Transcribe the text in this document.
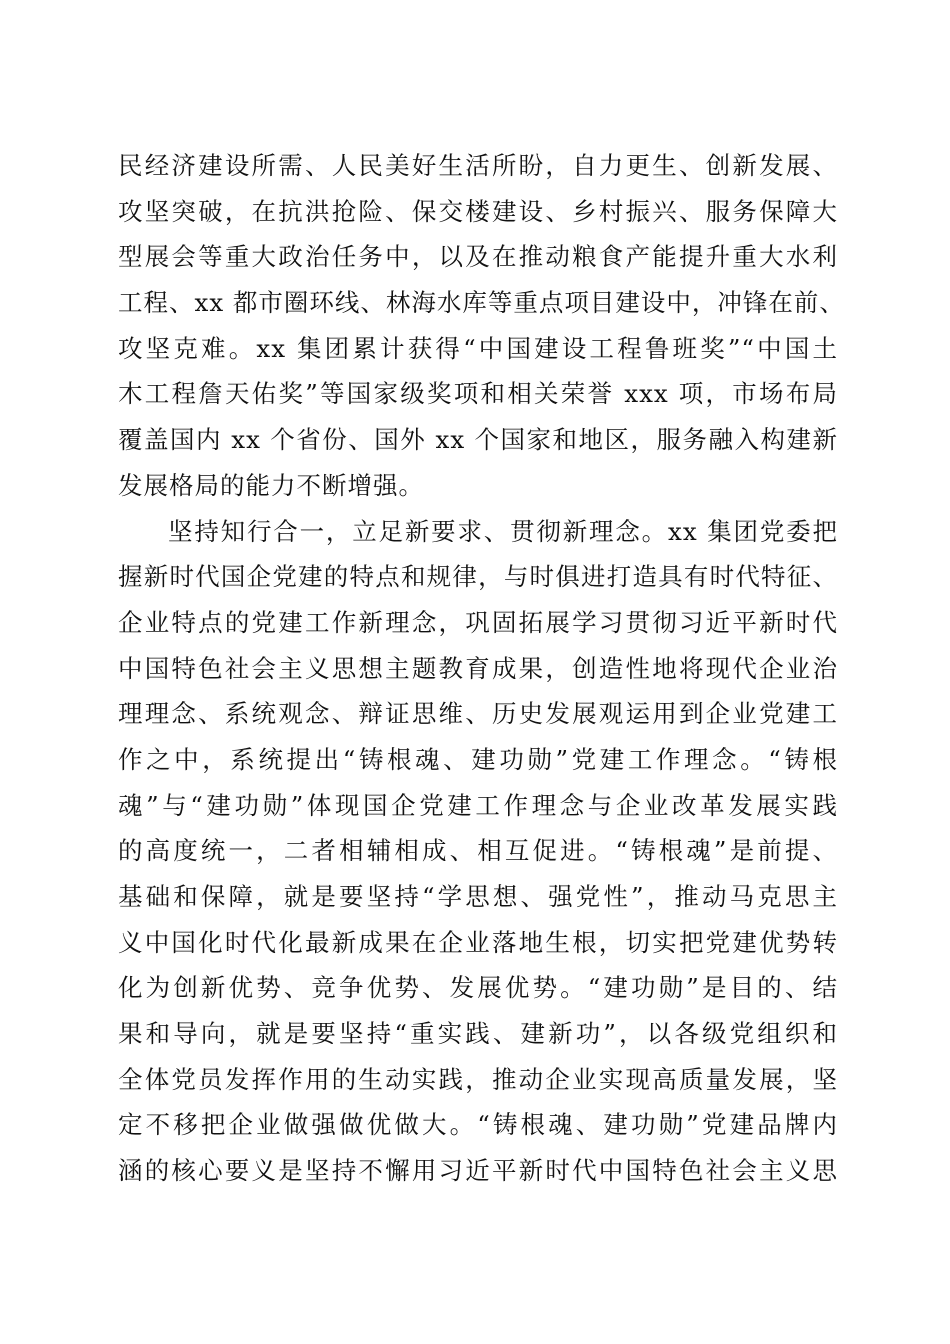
民经济建设所需、人民美好生活所盼，自力更生、创新发展、
攻坚突破，在抗洪抢险、保交楼建设、乡村振兴、服务保障大
型展会等重大政治任务中，以及在推动粮食产能提升重大水利
工程、xx 都市圈环线、林海水库等重点项目建设中，冲锋在前、
攻坚克难。xx 集团累计获得“中国建设工程鲁班奖”“中国土
木工程詹天佑奖”等国家级奖项和相关荣誉 xxx 项，市场布局
覆盖国内 xx 个省份、国外 xx 个国家和地区，服务融入构建新
发展格局的能力不断增强。
坚持知行合一，立足新要求、贯彻新理念。xx 集团党委把
握新时代国企党建的特点和规律，与时俱进打造具有时代特征、
企业特点的党建工作新理念，巩固拓展学习贯彻习近平新时代
中国特色社会主义思想主题教育成果，创造性地将现代企业治
理理念、系统观念、辩证思维、历史发展观运用到企业党建工
作之中，系统提出“铸根魂、建功勋”党建工作理念。“铸根
魂”与“建功勋”体现国企党建工作理念与企业改革发展实践
的高度统一，二者相辅相成、相互促进。“铸根魂”是前提、
基础和保障，就是要坚持“学思想、强党性”，推动马克思主
义中国化时代化最新成果在企业落地生根，切实把党建优势转
化为创新优势、竞争优势、发展优势。“建功勋”是目的、结
果和导向，就是要坚持“重实践、建新功”，以各级党组织和
全体党员发挥作用的生动实践，推动企业实现高质量发展，坚
定不移把企业做强做优做大。“铸根魂、建功勋”党建品牌内
涵的核心要义是坚持不懈用习近平新时代中国特色社会主义思
